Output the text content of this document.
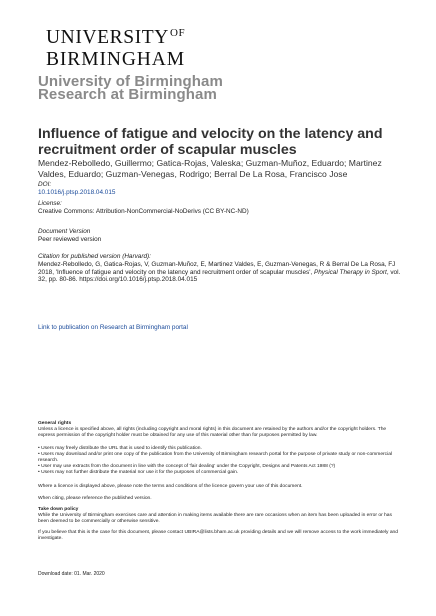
UNIVERSITYOF
BIRMINGHAM
University of Birmingham
Research at Birmingham
Influence of fatigue and velocity on the latency and recruitment order of scapular muscles
Mendez-Rebolledo, Guillermo; Gatica-Rojas, Valeska; Guzman-Muñoz, Eduardo; Martinez Valdes, Eduardo; Guzman-Venegas, Rodrigo; Berral De La Rosa, Francisco Jose
DOI:
10.1016/j.ptsp.2018.04.015
License:
Creative Commons: Attribution-NonCommercial-NoDerivs (CC BY-NC-ND)
Document Version
Peer reviewed version
Citation for published version (Harvard):
Mendez-Rebolledo, G, Gatica-Rojas, V, Guzman-Muñoz, E, Martinez Valdes, E, Guzman-Venegas, R & Berral De La Rosa, FJ 2018, 'Influence of fatigue and velocity on the latency and recruitment order of scapular muscles', Physical Therapy in Sport, vol. 32, pp. 80-86. https://doi.org/10.1016/j.ptsp.2018.04.015
Link to publication on Research at Birmingham portal

General rights

Unless a licence is specified above, all rights (including copyright and moral rights) in this document are retained by the authors and/or the copyright holders. The express permission of the copyright holder must be obtained for any use of this material other than for purposes permitted by law.

• Users may freely distribute the URL that is used to identify this publication.

• Users may download and/or print one copy of the publication from the University of Birmingham research portal for the purpose of private study or non-commercial research.

• User may use extracts from the document in line with the concept of 'fair dealing' under the Copyright, Designs and Patents Act 1988 (?)

• Users may not further distribute the material nor use it for the purposes of commercial gain.

Where a licence is displayed above, please note the terms and conditions of the licence govern your use of this document.
When citing, please reference the published version.

Take down policy

While the University of Birmingham exercises care and attention in making items available there are rare occasions when an item has been uploaded in error or has been deemed to be commercially or otherwise sensitive.

If you believe that this is the case for this document, please contact UBIRA@lists.bham.ac.uk providing details and we will remove access to the work immediately and investigate.
Download date: 01. Mar. 2020
